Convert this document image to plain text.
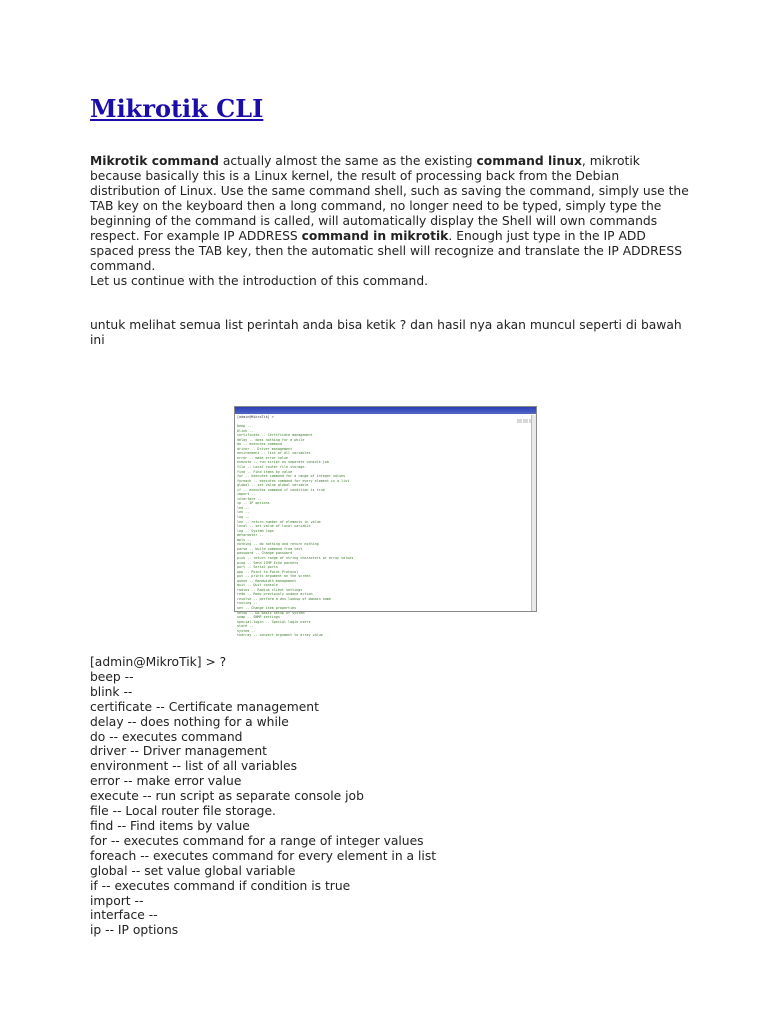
Mikrotik CLI
Mikrotik command actually almost the same as the existing command linux, mikrotik because basically this is a Linux kernel, the result of processing back from the Debian distribution of Linux. Use the same command shell, such as saving the command, simply use the TAB key on the keyboard then a long command, no longer need to be typed, simply type the beginning of the command is called, will automatically display the Shell will own commands respect. For example IP ADDRESS command in mikrotik. Enough just type in the IP ADD spaced press the TAB key, then the automatic shell will recognize and translate the IP ADDRESS command.
Let us continue with the introduction of this command.
untuk melihat semua list perintah anda bisa ketik ? dan hasil nya akan muncul seperti di bawah ini
[admin@MikroTik] >

beep --
blink --
certificate -- Certificate management
delay -- does nothing for a while
do -- executes command
driver -- Driver management
environment -- list of all variables
error -- make error value
execute -- run script as separate console job
file -- Local router file storage.
find -- Find items by value
for -- executes command for a range of integer values
foreach -- executes command for every element in a list
global -- set value global variable
if -- executes command if condition is true
import --
interface --
ip -- IP options
led --
len --
log --
len -- return number of elements in value
local -- set value of local variable
log -- System logs
metarouter --
mpls --
nothing -- do nothing and return nothing
parse -- build command from text
password -- Change password
pick -- return range of string characters or array values
ping -- Send ICMP Echo packets
port -- Serial ports
ppp -- Point to Point Protocol
put -- prints argument on the screen
queue -- Bandwidth management
quit -- Quit console
radius -- Radius client settings
redo -- Redo previously undone action
resolve -- perform a dns lookup of domain name
routing --
set -- Change item properties
setup -- Do basic setup of system
snmp -- SNMP settings
special-login -- Special login users
store --
system --
toarray -- convert argument to array value
[admin@MikroTik] > ?
beep --
blink --
certificate -- Certificate management
delay -- does nothing for a while
do -- executes command
driver -- Driver management
environment -- list of all variables
error -- make error value
execute -- run script as separate console job
file -- Local router file storage.
find -- Find items by value
for -- executes command for a range of integer values
foreach -- executes command for every element in a list
global -- set value global variable
if -- executes command if condition is true
import --
interface --
ip -- IP options
